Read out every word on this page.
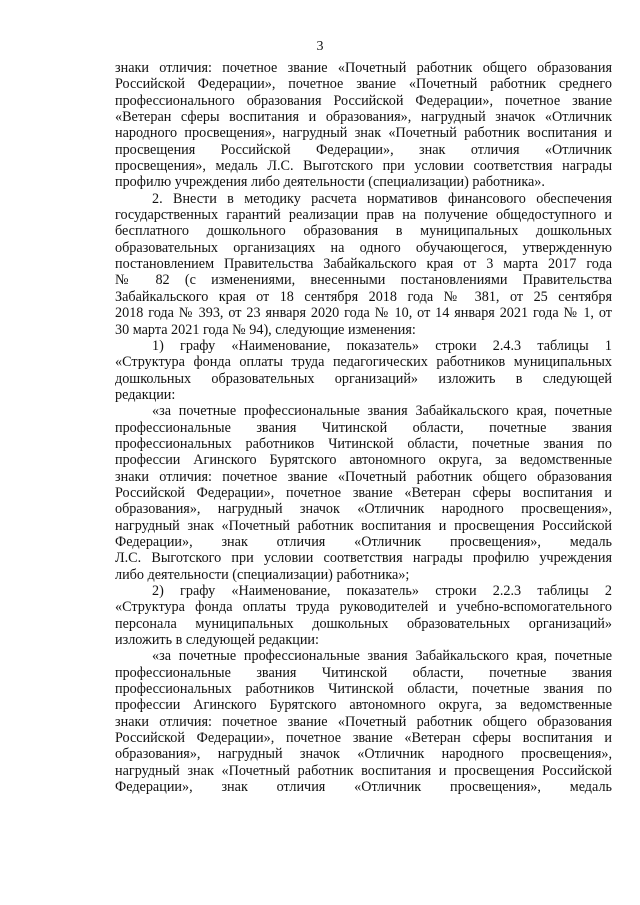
3

знаки отличия: почетное звание «Почетный работник общего образования

Российской Федерации», почетное звание «Почетный работник среднего

профессионального образования Российской Федерации», почетное звание

«Ветеран сферы воспитания и образования», нагрудный значок «Отличник

народного просвещения», нагрудный знак «Почетный работник воспитания и

просвещения Российской Федерации», знак отличия «Отличник

просвещения», медаль Л.С. Выготского при условии соответствия награды

профилю учреждения либо деятельности (специализации) работника».

2. Внести в методику расчета нормативов финансового обеспечения

государственных гарантий реализации прав на получение общедоступного и

бесплатного дошкольного образования в муниципальных дошкольных

образовательных организациях на одного обучающегося, утвержденную

постановлением Правительства Забайкальского края от 3 марта 2017 года

№ 82 (с изменениями, внесенными постановлениями Правительства

Забайкальского края от 18 сентября 2018 года № 381, от 25 сентября

2018 года № 393, от 23 января 2020 года № 10, от 14 января 2021 года № 1, от

30 марта 2021 года № 94), следующие изменения:

1) графу «Наименование, показатель» строки 2.4.3 таблицы 1

«Структура фонда оплаты труда педагогических работников муниципальных

дошкольных образовательных организаций» изложить в следующей

редакции:

«за почетные профессиональные звания Забайкальского края, почетные

профессиональные звания Читинской области, почетные звания

профессиональных работников Читинской области, почетные звания по

профессии Агинского Бурятского автономного округа, за ведомственные

знаки отличия: почетное звание «Почетный работник общего образования

Российской Федерации», почетное звание «Ветеран сферы воспитания и

образования», нагрудный значок «Отличник народного просвещения»,

нагрудный знак «Почетный работник воспитания и просвещения Российской

Федерации», знак отличия «Отличник просвещения», медаль

Л.С. Выготского при условии соответствия награды профилю учреждения

либо деятельности (специализации) работника»;

2) графу «Наименование, показатель» строки 2.2.3 таблицы 2

«Структура фонда оплаты труда руководителей и учебно-вспомогательного

персонала муниципальных дошкольных образовательных организаций»

изложить в следующей редакции:

«за почетные профессиональные звания Забайкальского края, почетные

профессиональные звания Читинской области, почетные звания

профессиональных работников Читинской области, почетные звания по

профессии Агинского Бурятского автономного округа, за ведомственные

знаки отличия: почетное звание «Почетный работник общего образования

Российской Федерации», почетное звание «Ветеран сферы воспитания и

образования», нагрудный значок «Отличник народного просвещения»,

нагрудный знак «Почетный работник воспитания и просвещения Российской

Федерации», знак отличия «Отличник просвещения», медаль
